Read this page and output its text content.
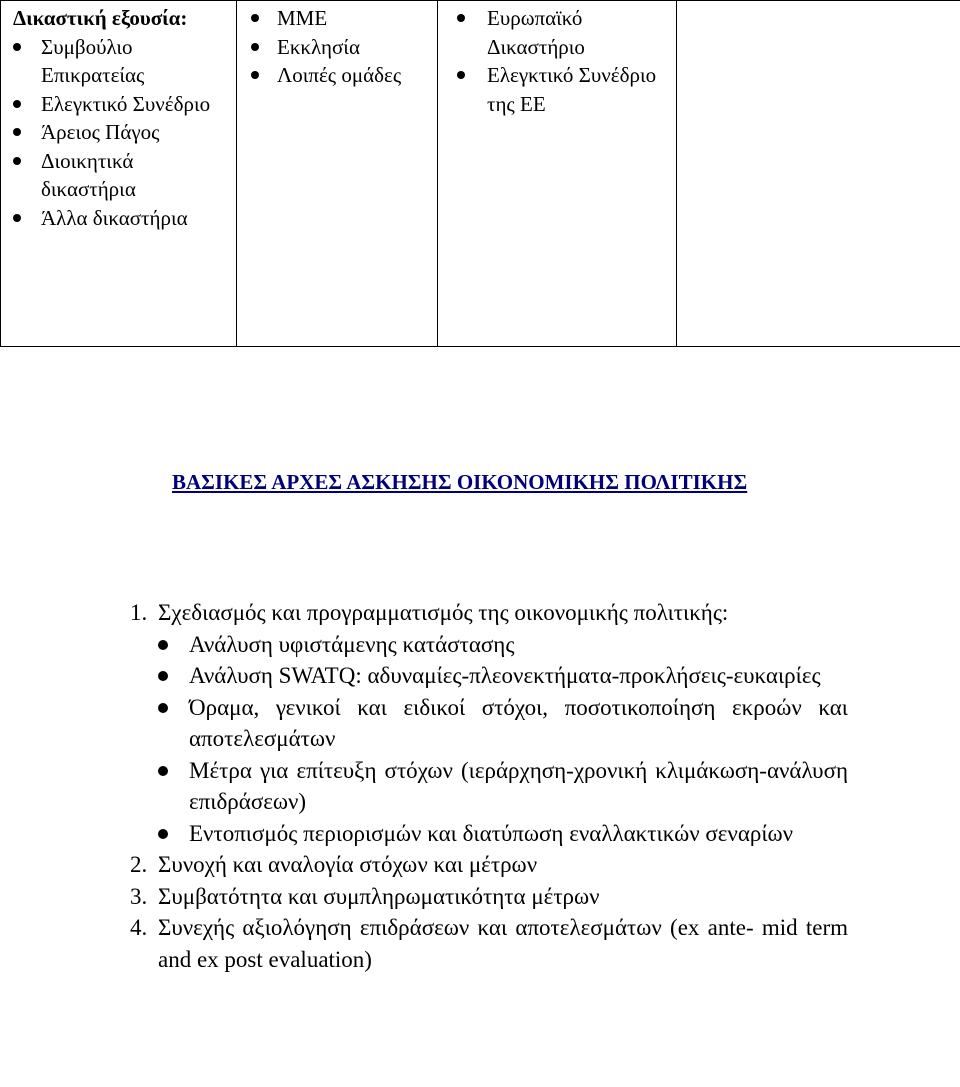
Δικαστική εξουσία:
Συμβούλιο Επικρατείας
Ελεγκτικό Συνέδριο
Άρειος Πάγος
Διοικητικά δικαστήρια
Άλλα δικαστήρια

ΜΜΕ
Εκκλησία
Λοιπές ομάδες

Ευρωπαϊκό Δικαστήριο
Ελεγκτικό Συνέδριο της ΕΕ

ΒΑΣΙΚΕΣ ΑΡΧΕΣ ΑΣΚΗΣΗΣ ΟΙΚΟΝΟΜΙΚΗΣ ΠΟΛΙΤΙΚΗΣ
1. Σχεδιασμός και προγραμματισμός της οικονομικής πολιτικής:
Ανάλυση υφιστάμενης κατάστασης
Ανάλυση SWATQ: αδυναμίες-πλεονεκτήματα-προκλήσεις-ευκαιρίες
Όραμα, γενικοί και ειδικοί στόχοι, ποσοτικοποίηση εκροών και αποτελεσμάτων
Μέτρα για επίτευξη στόχων (ιεράρχηση-χρονική κλιμάκωση-ανάλυση επιδράσεων)
Εντοπισμός περιορισμών και διατύπωση εναλλακτικών σεναρίων
2. Συνοχή και αναλογία στόχων και μέτρων
3. Συμβατότητα και συμπληρωματικότητα μέτρων
4. Συνεχής αξιολόγηση επιδράσεων και αποτελεσμάτων (ex ante- mid term and ex post evaluation)
